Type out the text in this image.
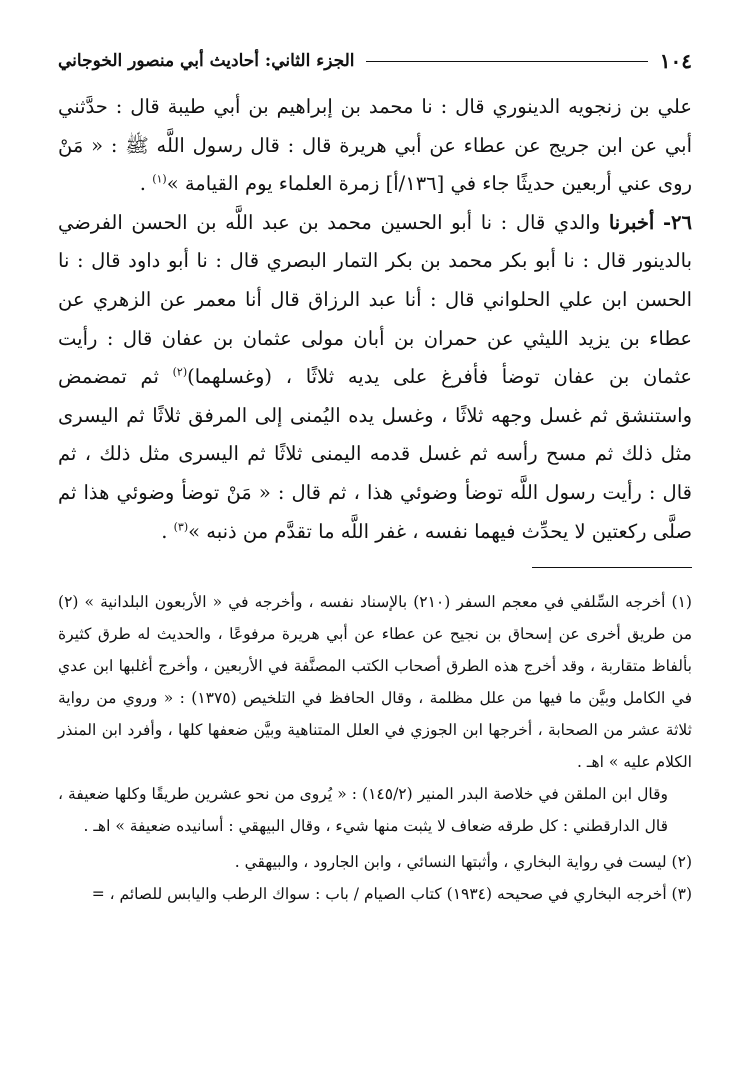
١٠٤
الجزء الثاني: أحاديث أبي منصور الخوجاني

علي بن زنجويه الدينوري قال : نا محمد بن إبراهيم بن أبي طيبة قال : حدَّثني أبي عن ابن جريج عن عطاء عن أبي هريرة قال : قال رسول اللَّه ﷺ : « مَنْ روى عني أربعين حديثًا جاء في [١٣٦/أ] زمرة العلماء يوم القيامة »$^{(١)}$ .

٢٦- أخبرنا والدي قال : نا أبو الحسين محمد بن عبد اللَّه بن الحسن الفرضي بالدينور قال : نا أبو بكر محمد بن بكر التمار البصري قال : نا أبو داود قال : نا الحسن ابن علي الحلواني قال : أنا عبد الرزاق قال أنا معمر عن الزهري عن عطاء بن يزيد الليثي عن حمران بن أبان مولى عثمان بن عفان قال : رأيت عثمان بن عفان توضأ فأفرغ على يديه ثلاثًا ، (وغسلهما)$^{(٢)}$ ثم تمضمض واستنشق ثم غسل وجهه ثلاثًا ، وغسل يده اليُمنى إلى المرفق ثلاثًا ثم اليسرى مثل ذلك ثم مسح رأسه ثم غسل قدمه اليمنى ثلاثًا ثم اليسرى مثل ذلك ، ثم قال : رأيت رسول اللَّه توضأ وضوئي هذا ، ثم قال : « مَنْ توضأ وضوئي هذا ثم صلَّى ركعتين لا يحدِّث فيهما نفسه ، غفر اللَّه ما تقدَّم من ذنبه »$^{(٣)}$ .

(١) أخرجه السِّلفي في معجم السفر (٢١٠) بالإسناد نفسه ، وأخرجه في « الأربعون البلدانية » (٢) من طريق أخرى عن إسحاق بن نجيح عن عطاء عن أبي هريرة مرفوعًا ، والحديث له طرق كثيرة بألفاظ متقاربة ، وقد أخرج هذه الطرق أصحاب الكتب المصنَّفة في الأربعين ، وأخرج أغلبها ابن عدي في الكامل وبيَّن ما فيها من علل مظلمة ، وقال الحافظ في التلخيص (١٣٧٥) : « وروي من رواية ثلاثة عشر من الصحابة ، أخرجها ابن الجوزي في العلل المتناهية وبيَّن ضعفها كلها ، وأفرد ابن المنذر الكلام عليه » اهـ .

وقال ابن الملقن في خلاصة البدر المنير (١٤٥/٢) : « يُروى من نحو عشرين طريقًا وكلها ضعيفة ، قال الدارقطني : كل طرقه ضعاف لا يثبت منها شيء ، وقال البيهقي : أسانيده ضعيفة » اهـ .

(٢) ليست في رواية البخاري ، وأثبتها النسائي ، وابن الجارود ، والبيهقي .

(٣) أخرجه البخاري في صحيحه (١٩٣٤) كتاب الصيام / باب : سواك الرطب واليابس للصائم ، =
